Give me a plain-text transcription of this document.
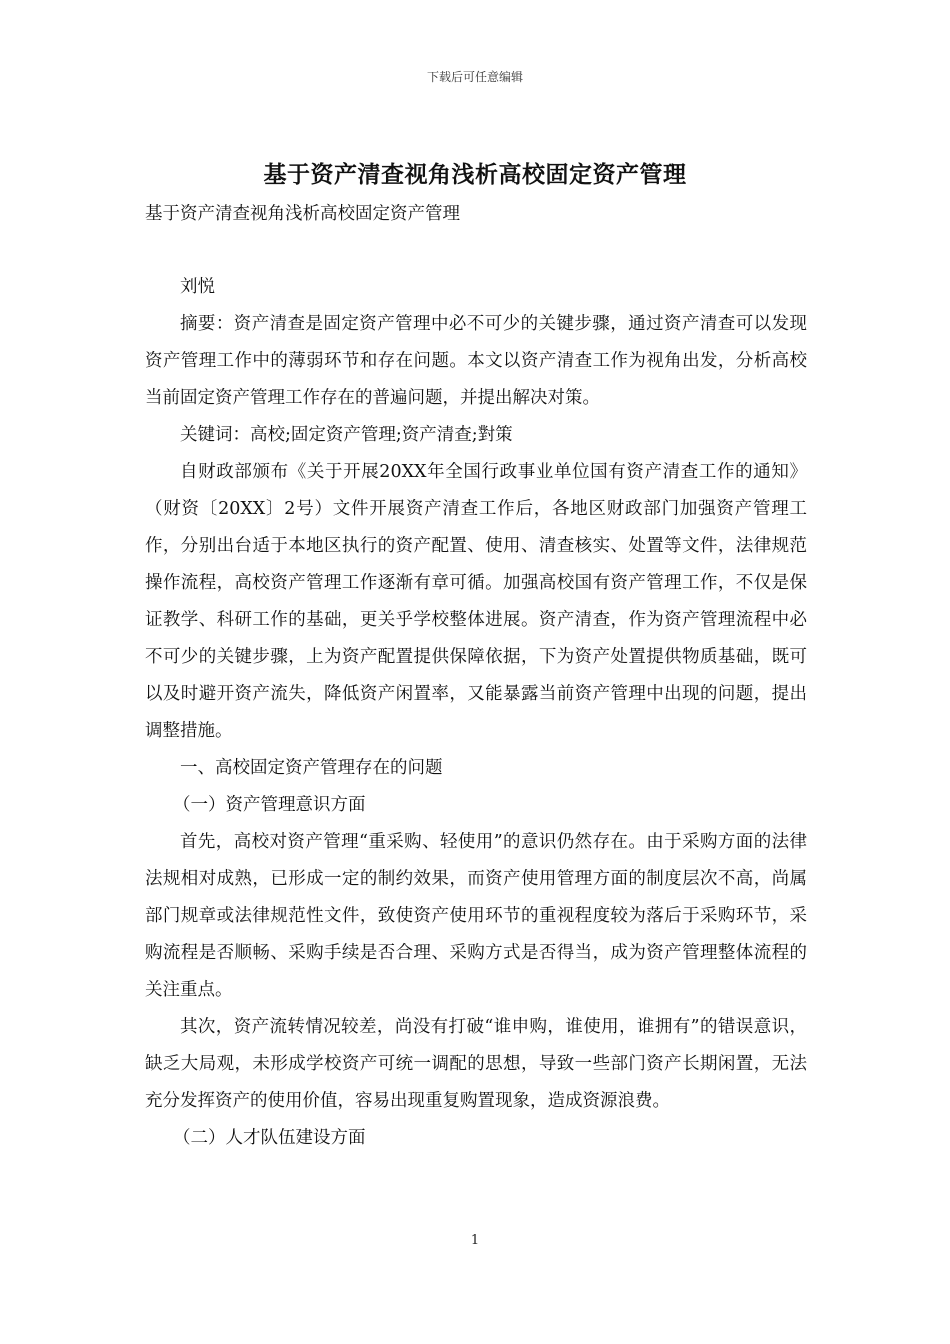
下载后可任意编辑
基于资产清查视角浅析高校固定资产管理

基于资产清查视角浅析高校固定资产管理

刘悦

摘要：资产清查是固定资产管理中必不可少的关键步骤，通过资产清查可以发现资产管理工作中的薄弱环节和存在问题。本文以资产清查工作为视角出发，分析高校当前固定资产管理工作存在的普遍问题，并提出解决对策。

关键词：高校;固定资产管理;资产清查;對策

自财政部颁布《关于开展20XX年全国行政事业单位国有资产清查工作的通知》（财资〔20XX〕2号）文件开展资产清查工作后，各地区财政部门加强资产管理工作，分别出台适于本地区执行的资产配置、使用、清查核实、处置等文件，法律规范操作流程，高校资产管理工作逐渐有章可循。加强高校国有资产管理工作，不仅是保证教学、科研工作的基础，更关乎学校整体进展。资产清查，作为资产管理流程中必不可少的关键步骤，上为资产配置提供保障依据，下为资产处置提供物质基础，既可以及时避开资产流失，降低资产闲置率，又能暴露当前资产管理中出现的问题，提出调整措施。

一、高校固定资产管理存在的问题

（一）资产管理意识方面

首先，高校对资产管理“重采购、轻使用”的意识仍然存在。由于采购方面的法律法规相对成熟，已形成一定的制约效果，而资产使用管理方面的制度层次不高，尚属部门规章或法律规范性文件，致使资产使用环节的重视程度较为落后于采购环节，采购流程是否顺畅、采购手续是否合理、采购方式是否得当，成为资产管理整体流程的关注重点。

其次，资产流转情况较差，尚没有打破“谁申购，谁使用，谁拥有”的错误意识，缺乏大局观，未形成学校资产可统一调配的思想，导致一些部门资产长期闲置，无法充分发挥资产的使用价值，容易出现重复购置现象，造成资源浪费。

（二）人才队伍建设方面

1
